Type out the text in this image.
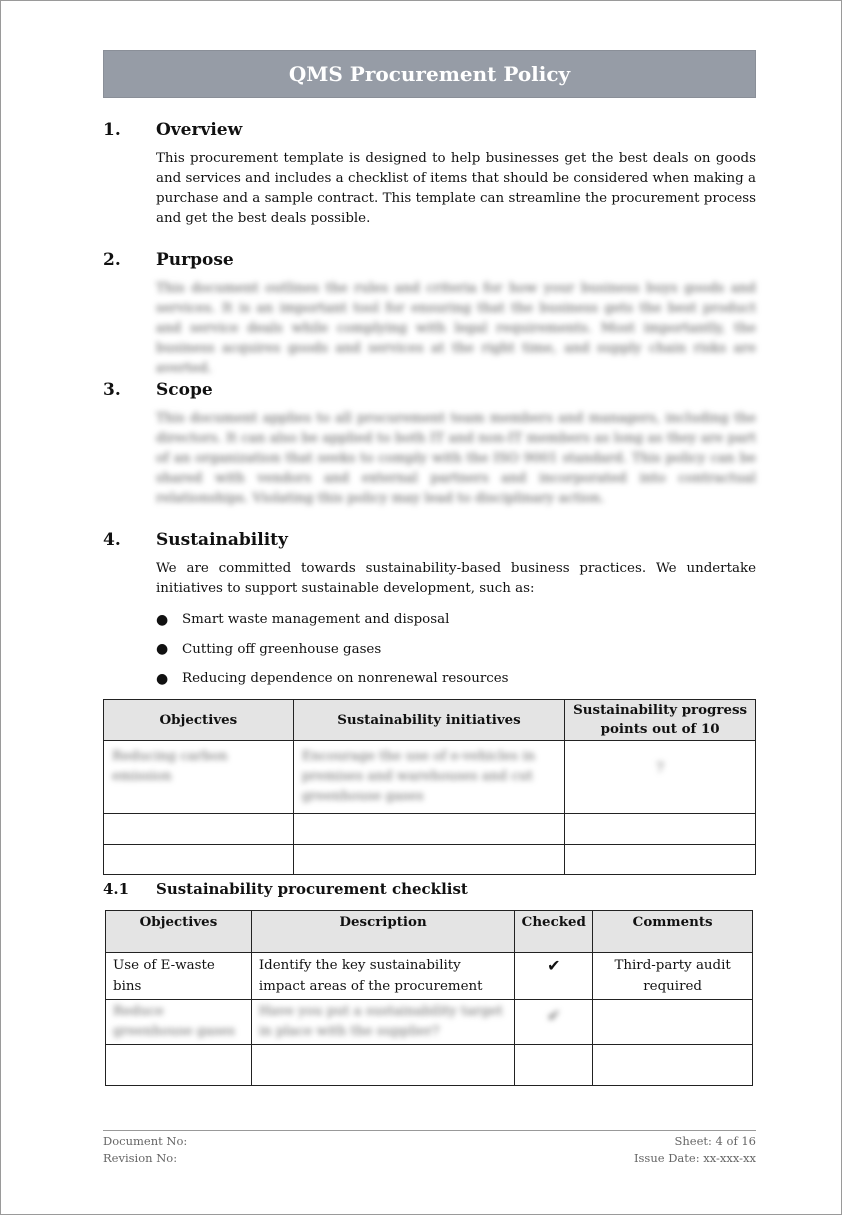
QMS Procurement Policy
1.	Overview

This procurement template is designed to help businesses get the best deals on goods and services and includes a checklist of items that should be considered when making a purchase and a sample contract. This template can streamline the procurement process and get the best deals possible.

2.	Purpose

This document outlines the rules and criteria for how your business buys goods and services. It is an important tool for ensuring that the business gets the best product and service deals while complying with legal requirements. Most importantly, the business acquires goods and services at the right time, and supply chain risks are averted.

3.	Scope

This document applies to all procurement team members and managers, including the directors. It can also be applied to both IT and non-IT members as long as they are part of an organization that seeks to comply with the ISO 9001 standard. This policy can be shared with vendors and external partners and incorporated into contractual relationships. Violating this policy may lead to disciplinary action.

4.	Sustainability

We are committed towards sustainability-based business practices. We undertake initiatives to support sustainable development, such as:

●	Smart waste management and disposal
●	Cutting off greenhouse gases
●	Reducing dependence on nonrenewal resources
Objectives	Sustainability initiatives	Sustainability progress points out of 10

Reducing carbon emission	Encourage the use of e-vehicles in premises and warehouses and cut greenhouse gases	7

4.1	Sustainability procurement checklist
Objectives	Description	Checked	Comments
Use of E-waste bins	Identify the key sustainability impact areas of the procurement	✔	Third-party audit required

Reduce greenhouse gases	Have you put a sustainability target in place with the supplier?	✔	

Document No:	Sheet: 4 of 16
Revision No:	Issue Date: xx-xxx-xx
